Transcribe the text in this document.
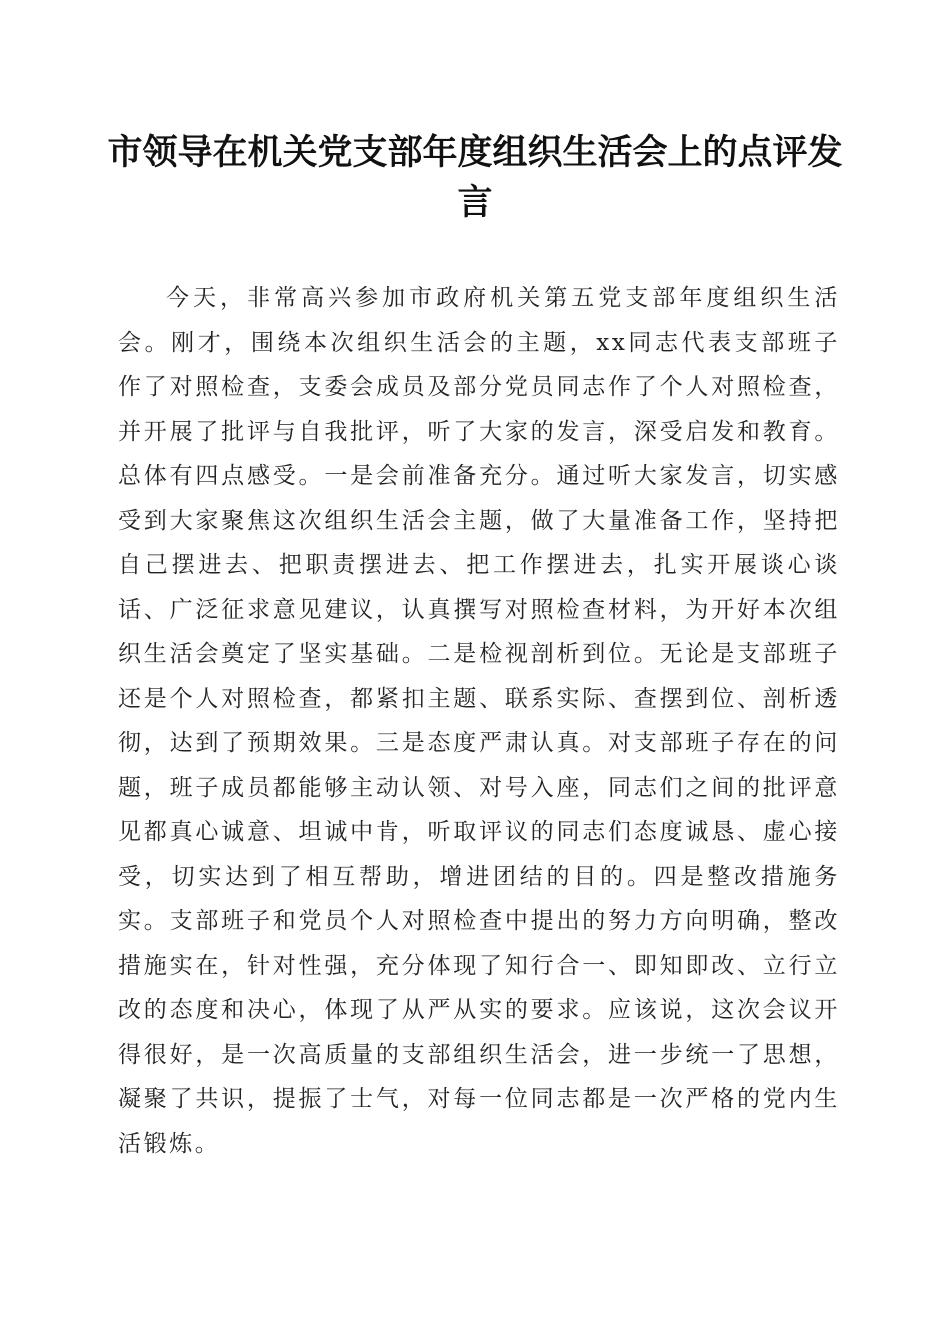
市领导在机关党支部年度组织生活会上的点评发言

今天，非常高兴参加市政府机关第五党支部年度组织生活会。刚才，围绕本次组织生活会的主题，xx同志代表支部班子作了对照检查，支委会成员及部分党员同志作了个人对照检查，并开展了批评与自我批评，听了大家的发言，深受启发和教育。总体有四点感受。一是会前准备充分。通过听大家发言，切实感受到大家聚焦这次组织生活会主题，做了大量准备工作，坚持把自己摆进去、把职责摆进去、把工作摆进去，扎实开展谈心谈话、广泛征求意见建议，认真撰写对照检查材料，为开好本次组织生活会奠定了坚实基础。二是检视剖析到位。无论是支部班子还是个人对照检查，都紧扣主题、联系实际、查摆到位、剖析透彻，达到了预期效果。三是态度严肃认真。对支部班子存在的问题，班子成员都能够主动认领、对号入座，同志们之间的批评意见都真心诚意、坦诚中肯，听取评议的同志们态度诚恳、虚心接受，切实达到了相互帮助，增进团结的目的。四是整改措施务实。支部班子和党员个人对照检查中提出的努力方向明确，整改措施实在，针对性强，充分体现了知行合一、即知即改、立行立改的态度和决心，体现了从严从实的要求。应该说，这次会议开得很好，是一次高质量的支部组织生活会，进一步统一了思想，凝聚了共识，提振了士气，对每一位同志都是一次严格的党内生活锻炼。
